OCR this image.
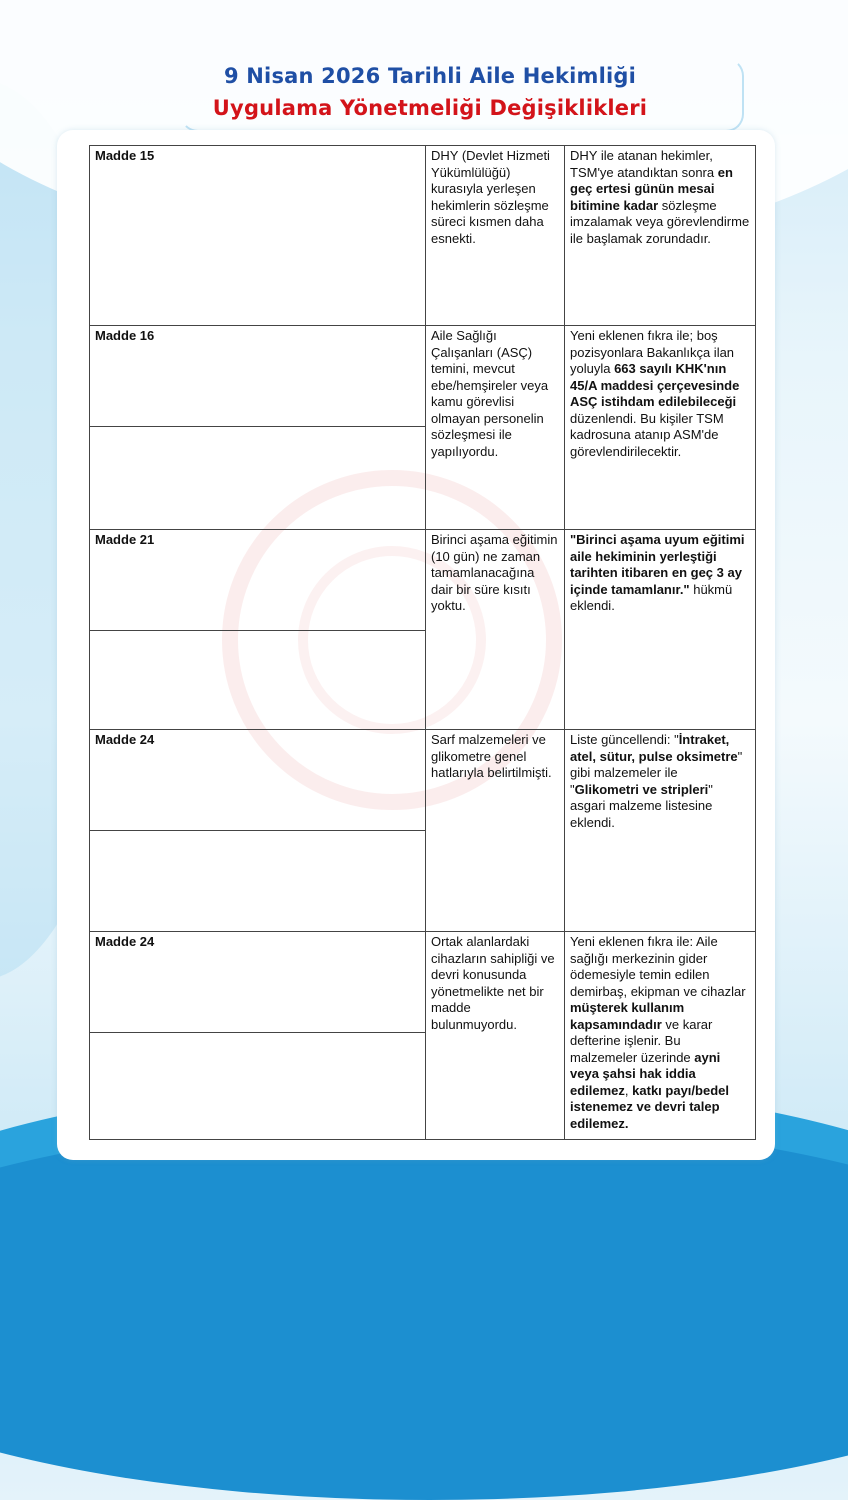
9 Nisan 2026 Tarihli Aile Hekimliği
Uygulama Yönetmeliği Değişiklikleri
Madde 15	DHY (Devlet Hizmeti Yükümlülüğü) kurasıyla yerleşen hekimlerin sözleşme süreci kısmen daha esnekti.	DHY ile atanan hekimler, TSM'ye atandıktan sonra en geç ertesi günün mesai bitimine kadar sözleşme imzalamak veya görevlendirme ile başlamak zorundadır.
Madde 16	Aile Sağlığı Çalışanları (ASÇ) temini, mevcut ebe/hemşireler veya kamu görevlisi olmayan personelin sözleşmesi ile yapılıyordu.	Yeni eklenen fıkra ile; boş pozisyonlara Bakanlıkça ilan yoluyla 663 sayılı KHK'nın 45/A maddesi çerçevesinde ASÇ istihdam edilebileceği düzenlendi. Bu kişiler TSM kadrosuna atanıp ASM'de görevlendirilecektir.
Madde 21	Birinci aşama eğitimin (10 gün) ne zaman tamamlanacağına dair bir süre kısıtı yoktu.	"Birinci aşama uyum eğitimi aile hekiminin yerleştiği tarihten itibaren en geç 3 ay içinde tamamlanır." hükmü eklendi.
Madde 24	Sarf malzemeleri ve glikometre genel hatlarıyla belirtilmişti.	Liste güncellendi: "İntraket, atel, sütur, pulse oksimetre" gibi malzemeler ile "Glikometri ve stripleri" asgari malzeme listesine eklendi.
Madde 24	Ortak alanlardaki cihazların sahipliği ve devri konusunda yönetmelikte net bir madde bulunmuyordu.	Yeni eklenen fıkra ile: Aile sağlığı merkezinin gider ödemesiyle temin edilen demirbaş, ekipman ve cihazlar müşterek kullanım kapsamındadır ve karar defterine işlenir. Bu malzemeler üzerinde ayni veya şahsi hak iddia edilemez, katkı payı/bedel istenemez ve devri talep edilemez.
